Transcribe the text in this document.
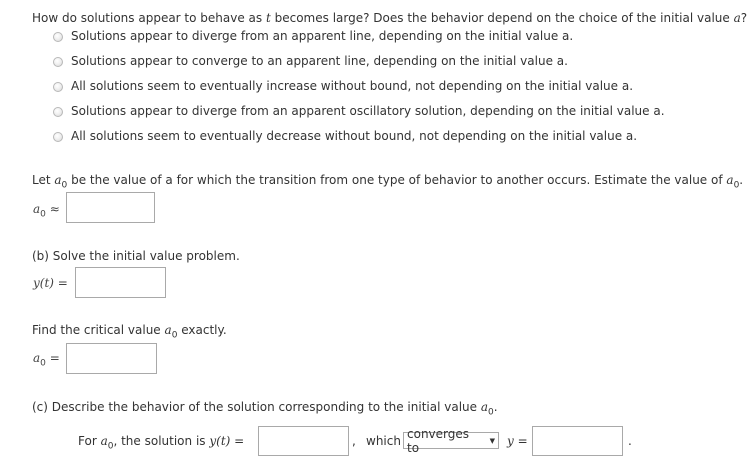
How do solutions appear to behave as t becomes large? Does the behavior depend on the choice of the initial value a?
Solutions appear to diverge from an apparent line, depending on the initial value a.
Solutions appear to converge to an apparent line, depending on the initial value a.
All solutions seem to eventually increase without bound, not depending on the initial value a.
Solutions appear to diverge from an apparent oscillatory solution, depending on the initial value a.
All solutions seem to eventually decrease without bound, not depending on the initial value a.
Let $a_0$ be the value of a for which the transition from one type of behavior to another occurs. Estimate the value of $a_0$.
$a_0$ ≈
(b) Solve the initial value problem.
y(t) =
Find the critical value $a_0$ exactly.
$a_0$ =
(c) Describe the behavior of the solution corresponding to the initial value $a_0$.
For $a_0$, the solution is y(t) =	, which
converges to	▼ y =	.
